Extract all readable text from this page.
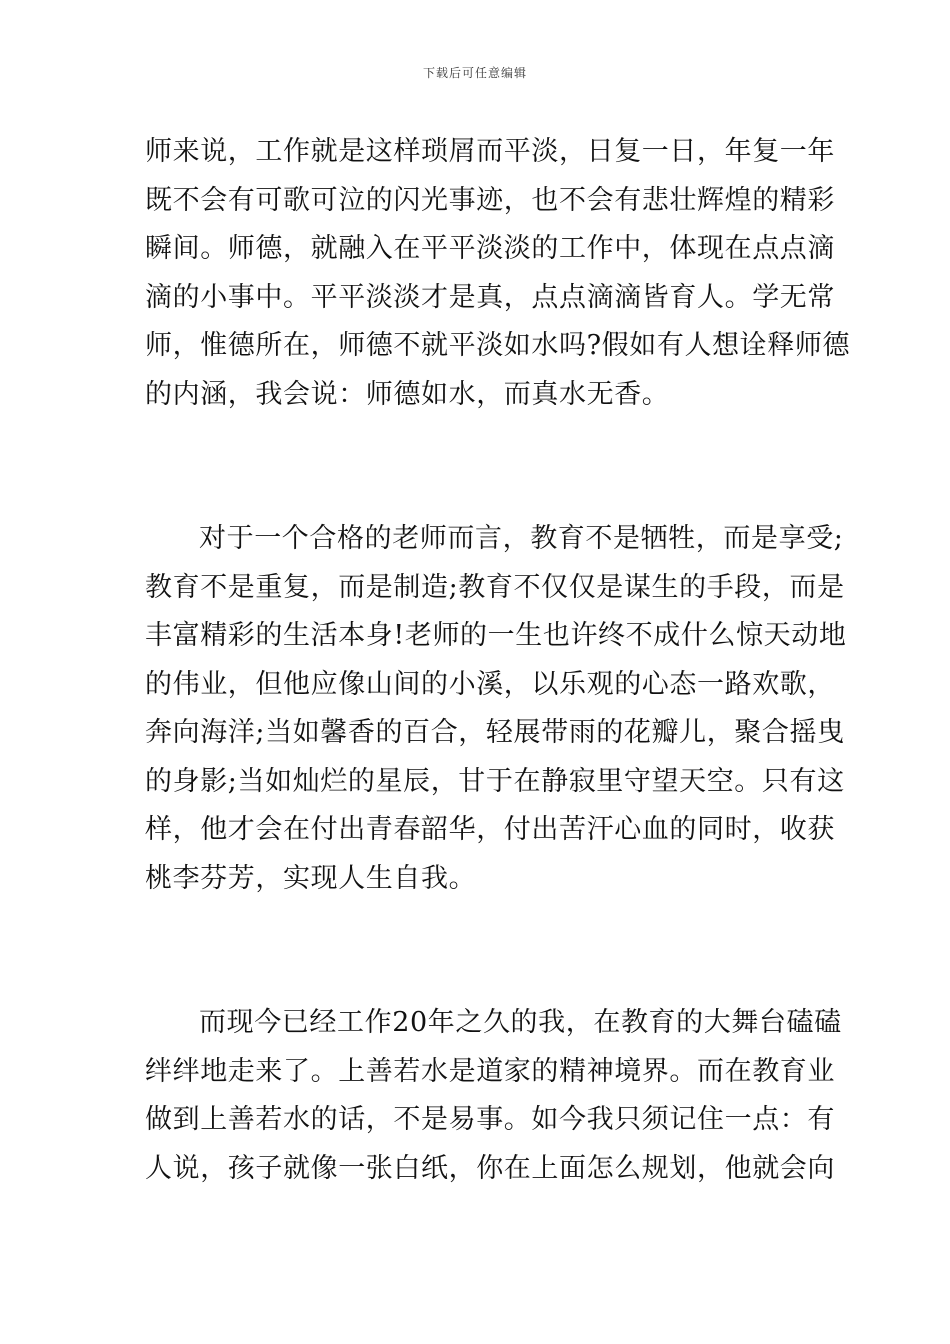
下载后可任意编辑

师来说，工作就是这样琐屑而平淡，日复一日，年复一年
既不会有可歌可泣的闪光事迹，也不会有悲壮辉煌的精彩
瞬间。师德，就融入在平平淡淡的工作中，体现在点点滴
滴的小事中。平平淡淡才是真，点点滴滴皆育人。学无常
师，惟德所在，师德不就平淡如水吗?假如有人想诠释师德
的内涵，我会说：师德如水，而真水无香。

对于一个合格的老师而言，教育不是牺牲，而是享受;
教育不是重复，而是制造;教育不仅仅是谋生的手段，而是
丰富精彩的生活本身!老师的一生也许终不成什么惊天动地
的伟业，但他应像山间的小溪，以乐观的心态一路欢歌，
奔向海洋;当如馨香的百合，轻展带雨的花瓣儿，聚合摇曳
的身影;当如灿烂的星辰，甘于在静寂里守望天空。只有这
样，他才会在付出青春韶华，付出苦汗心血的同时，收获
桃李芬芳，实现人生自我。

而现今已经工作20年之久的我，在教育的大舞台磕磕
绊绊地走来了。上善若水是道家的精神境界。而在教育业
做到上善若水的话，不是易事。如今我只须记住一点：有
人说，孩子就像一张白纸，你在上面怎么规划，他就会向
